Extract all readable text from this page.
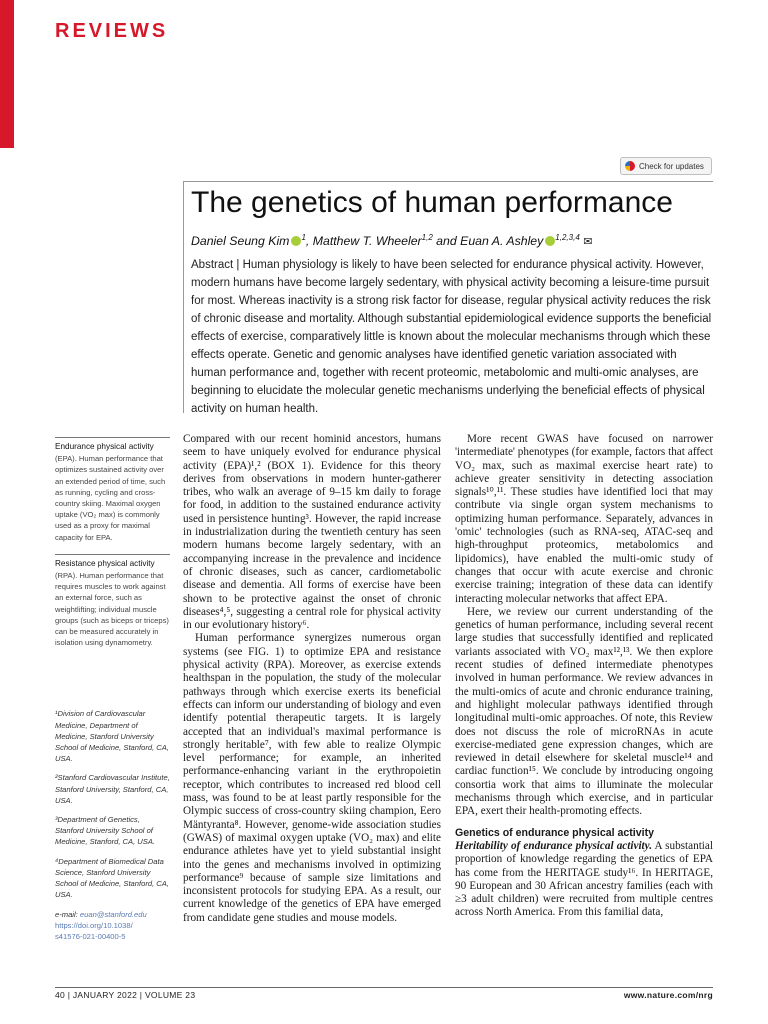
REVIEWS
Check for updates
The genetics of human performance
Daniel Seung Kim $^1$, Matthew T. Wheeler$^{1,2}$ and Euan A. Ashley $^{1,2,3,4}$ ✉
Abstract | Human physiology is likely to have been selected for endurance physical activity. However, modern humans have become largely sedentary, with physical activity becoming a leisure-time pursuit for most. Whereas inactivity is a strong risk factor for disease, regular physical activity reduces the risk of chronic disease and mortality. Although substantial epidemiological evidence supports the beneficial effects of exercise, comparatively little is known about the molecular mechanisms through which these effects operate. Genetic and genomic analyses have identified genetic variation associated with human performance and, together with recent proteomic, metabolomic and multi-omic analyses, are beginning to elucidate the molecular genetic mechanisms underlying the beneficial effects of physical activity on human health.
Endurance physical activity
(EPA). Human performance that optimizes sustained activity over an extended period of time, such as running, cycling and cross-country skiing. Maximal oxygen uptake (VO₂ max) is commonly used as a proxy for maximal capacity for EPA.
Resistance physical activity
(RPA). Human performance that requires muscles to work against an external force, such as weightlifting; individual muscle groups (such as biceps or triceps) can be measured accurately in isolation using dynamometry.
¹Division of Cardiovascular Medicine, Department of Medicine, Stanford University School of Medicine, Stanford, CA, USA.
²Stanford Cardiovascular Institute, Stanford University, Stanford, CA, USA.
³Department of Genetics, Stanford University School of Medicine, Stanford, CA, USA.
⁴Department of Biomedical Data Science, Stanford University School of Medicine, Stanford, CA, USA.
e-mail: euan@stanford.edu
https://doi.org/10.1038/
s41576-021-00400-5

Compared with our recent hominid ancestors, humans seem to have uniquely evolved for endurance physical activity (EPA)¹,² (BOX 1). Evidence for this theory derives from observations in modern hunter-gatherer tribes, who walk an average of 9–15 km daily to forage for food, in addition to the sustained endurance activity used in persistence hunting³. However, the rapid increase in industrialization during the twentieth century has seen modern humans become largely sedentary, with an accompanying increase in the prevalence and incidence of chronic diseases, such as cancer, cardiometabolic disease and dementia. All forms of exercise have been shown to be protective against the onset of chronic diseases⁴,⁵, suggesting a central role for physical activity in our evolutionary history⁶.

Human performance synergizes numerous organ systems (see FIG. 1) to optimize EPA and resistance physical activity (RPA). Moreover, as exercise extends healthspan in the population, the study of the molecular pathways through which exercise exerts its beneficial effects can inform our understanding of biology and even identify potential therapeutic targets. It is largely accepted that an individual's maximal performance is strongly heritable⁷, with few able to realize Olympic level performance; for example, an inherited performance-enhancing variant in the erythropoietin receptor, which contributes to increased red blood cell mass, was found to be at least partly responsible for the Olympic success of cross-country skiing champion, Eero Mäntyranta⁸. However, genome-wide association studies (GWAS) of maximal oxygen uptake (VO₂ max) and elite endurance athletes have yet to yield substantial insight into the genes and mechanisms involved in optimizing performance⁹ because of sample size limitations and inconsistent protocols for studying EPA. As a result, our current knowledge of the genetics of EPA have emerged from candidate gene studies and mouse models.

More recent GWAS have focused on narrower 'intermediate' phenotypes (for example, factors that affect VO₂ max, such as maximal exercise heart rate) to achieve greater sensitivity in detecting association signals¹⁰,¹¹. These studies have identified loci that may contribute via single organ system mechanisms to optimizing human performance. Separately, advances in 'omic' technologies (such as RNA-seq, ATAC-seq and high-throughput proteomics, metabolomics and lipidomics), have enabled the multi-omic study of changes that occur with acute exercise and chronic exercise training; integration of these data can identify interacting molecular networks that affect EPA.

Here, we review our current understanding of the genetics of human performance, including several recent large studies that successfully identified and replicated variants associated with VO₂ max¹²,¹³. We then explore recent studies of defined intermediate phenotypes involved in human performance. We review advances in the multi-omics of acute and chronic endurance training, and highlight molecular pathways identified through longitudinal multi-omic approaches. Of note, this Review does not discuss the role of microRNAs in acute exercise-mediated gene expression changes, which are reviewed in detail elsewhere for skeletal muscle¹⁴ and cardiac function¹⁵. We conclude by introducing ongoing consortia work that aims to illuminate the molecular mechanisms through which exercise, and in particular EPA, exert their health-promoting effects.

Genetics of endurance physical activity

Heritability of endurance physical activity. A substantial proportion of knowledge regarding the genetics of EPA has come from the HERITAGE study¹⁶. In HERITAGE, 90 European and 30 African ancestry families (each with ≥3 adult children) were recruited from multiple centres across North America. From this familial data,

40 | JANUARY 2022 | VOLUME 23	www.nature.com/nrg
